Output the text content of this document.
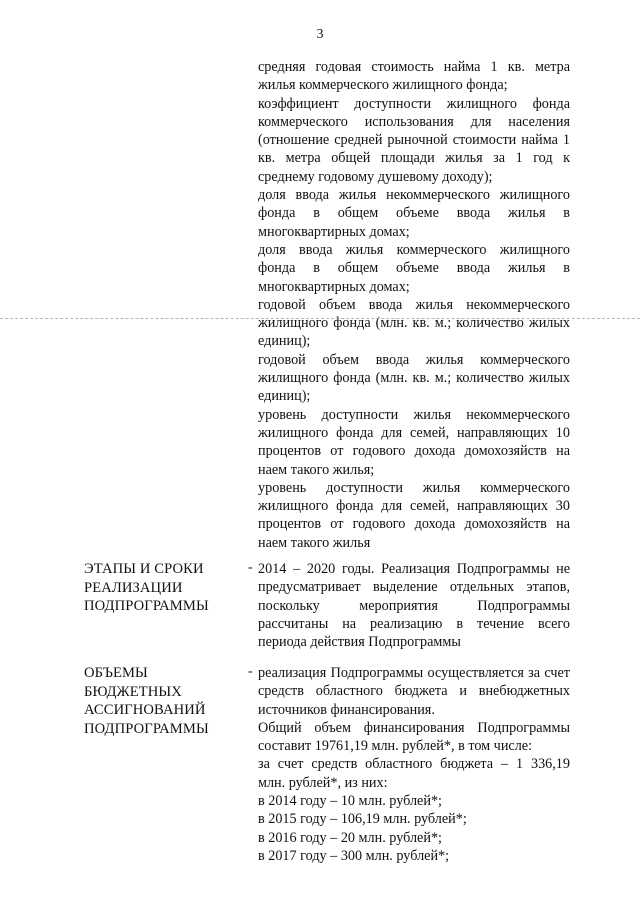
3

средняя годовая стоимость найма 1 кв. метра жилья коммерческого жилищного фонда;

коэффициент доступности жилищного фонда коммерческого использования для населения (отношение средней рыночной стоимости найма 1 кв. метра общей площади жилья за 1 год к среднему годовому душевому доходу);

доля ввода жилья некоммерческого жилищного фонда в общем объеме ввода жилья в многоквартирных домах;

доля ввода жилья коммерческого жилищного фонда в общем объеме ввода жилья в многоквартирных домах;

годовой объем ввода жилья некоммерческого жилищного фонда (млн. кв. м.; количество жилых единиц);

годовой объем ввода жилья коммерческого жилищного фонда (млн. кв. м.; количество жилых единиц);

уровень доступности жилья некоммерческого жилищного фонда для семей, направляющих 10 процентов от годового дохода домохозяйств на наем такого жилья;

уровень доступности жилья коммерческого жилищного фонда для семей, направляющих 30 процентов от годового дохода домохозяйств на наем такого жилья

ЭТАПЫ И СРОКИ
РЕАЛИЗАЦИИ
ПОДПРОГРАММЫ
- 2014 – 2020 годы. Реализация Подпрограммы не предусматривает выделение отдельных этапов, поскольку мероприятия Подпрограммы рассчитаны на реализацию в течение всего периода действия Подпрограммы

ОБЪЕМЫ
БЮДЖЕТНЫХ
АССИГНОВАНИЙ
ПОДПРОГРАММЫ
- реализация Подпрограммы осуществляется за счет средств областного бюджета и внебюджетных источников финансирования.

Общий объем финансирования Подпрограммы составит 19761,19 млн. рублей*, в том числе:

за счет средств областного бюджета – 1 336,19 млн. рублей*, из них:

в 2014 году – 10 млн. рублей*;

в 2015 году – 106,19 млн. рублей*;

в 2016 году – 20 млн. рублей*;

в 2017 году – 300 млн. рублей*;
